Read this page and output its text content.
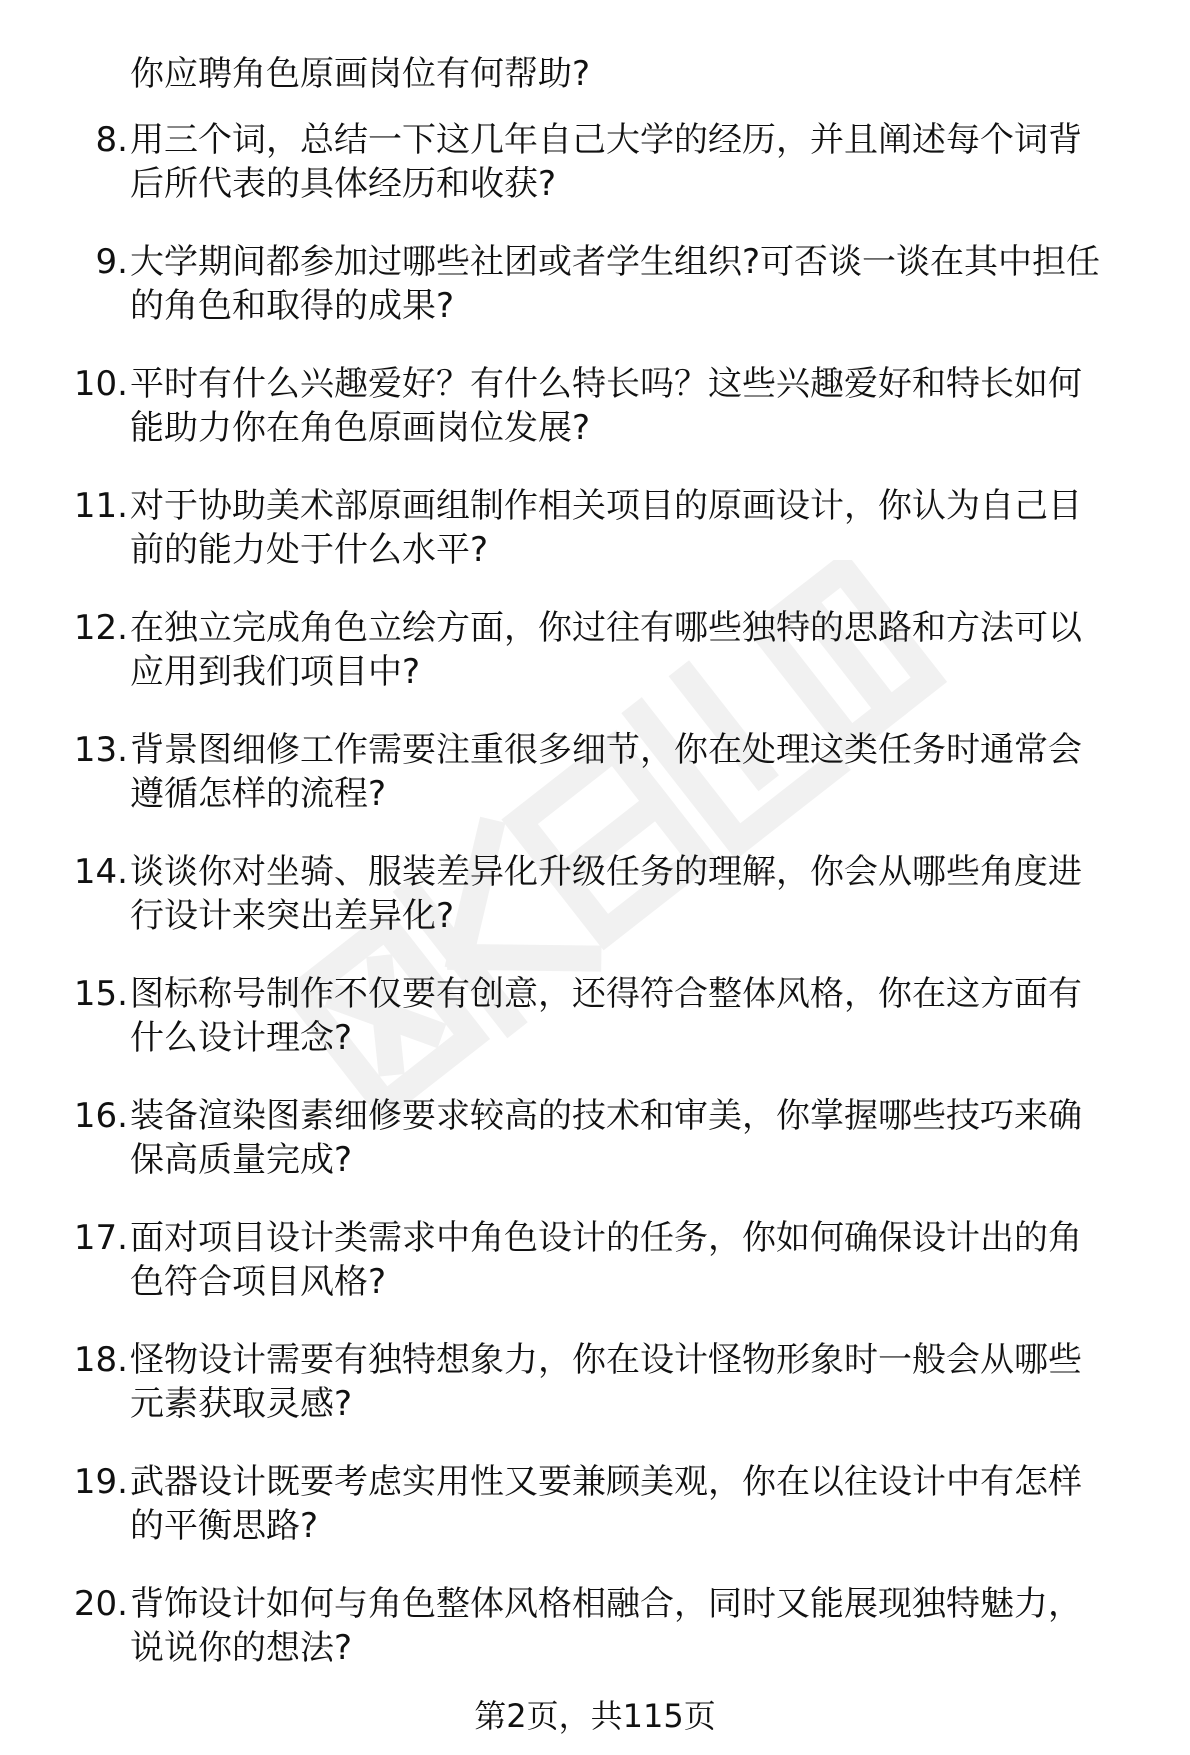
你应聘角色原画岗位有何帮助?
8. 用三个词，总结一下这几年自己大学的经历，并且阐述每个词背
后所代表的具体经历和收获?
9. 大学期间都参加过哪些社团或者学生组织?可否谈一谈在其中担任
的角色和取得的成果?
10. 平时有什么兴趣爱好？有什么特长吗？这些兴趣爱好和特长如何
能助力你在角色原画岗位发展?
11. 对于协助美术部原画组制作相关项目的原画设计，你认为自己目
前的能力处于什么水平?
12. 在独立完成角色立绘方面，你过往有哪些独特的思路和方法可以
应用到我们项目中?
13. 背景图细修工作需要注重很多细节，你在处理这类任务时通常会
遵循怎样的流程?
14. 谈谈你对坐骑、服装差异化升级任务的理解，你会从哪些角度进
行设计来突出差异化?
15. 图标称号制作不仅要有创意，还得符合整体风格，你在这方面有
什么设计理念?
16. 装备渲染图素细修要求较高的技术和审美，你掌握哪些技巧来确
保高质量完成?
17. 面对项目设计类需求中角色设计的任务，你如何确保设计出的角
色符合项目风格?
18. 怪物设计需要有独特想象力，你在设计怪物形象时一般会从哪些
元素获取灵感?
19. 武器设计既要考虑实用性又要兼顾美观，你在以往设计中有怎样
的平衡思路?
20. 背饰设计如何与角色整体风格相融合，同时又能展现独特魅力，
说说你的想法?
第2页，共115页
